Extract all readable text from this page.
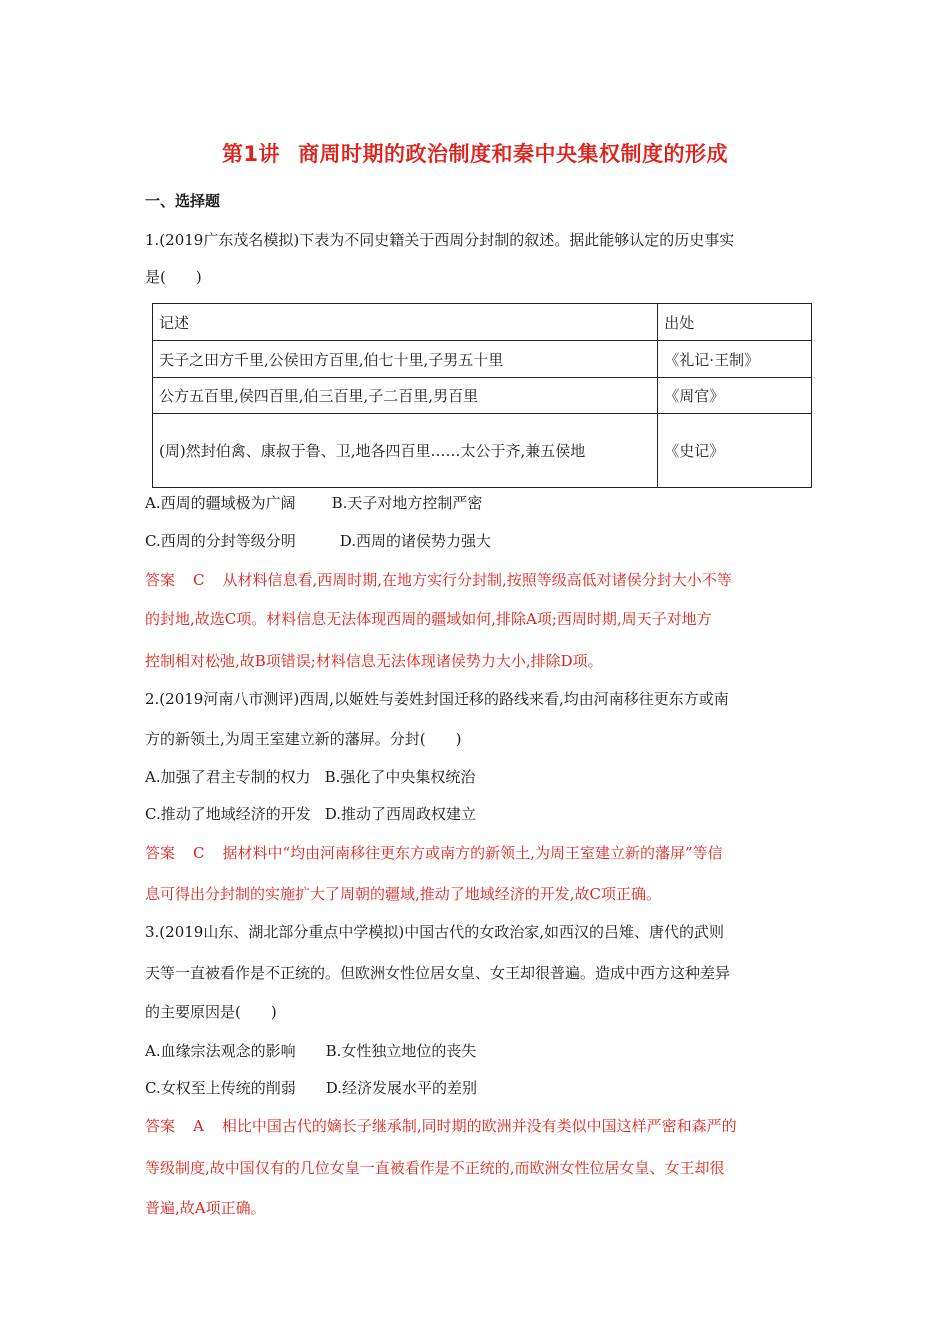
第1讲 商周时期的政治制度和秦中央集权制度的形成
一、选择题
1.(2019广东茂名模拟)下表为不同史籍关于西周分封制的叙述。据此能够认定的历史事实
是(　　)
记述	出处
天子之田方千里,公侯田方百里,伯七十里,子男五十里	《礼记·王制》
公方五百里,侯四百里,伯三百里,子二百里,男百里	《周官》
(周)然封伯禽、康叔于鲁、卫,地各四百里……太公于齐,兼五侯地	《史记》
A.西周的疆域极为广阔 B.天子对地方控制严密
C.西周的分封等级分明	D.西周的诸侯势力强大
答案 C 从材料信息看,西周时期,在地方实行分封制,按照等级高低对诸侯分封大小不等
的封地,故选C项。材料信息无法体现西周的疆域如何,排除A项;西周时期,周天子对地方
控制相对松弛,故B项错误;材料信息无法体现诸侯势力大小,排除D项。
2.(2019河南八市测评)西周,以姬姓与姜姓封国迁移的路线来看,均由河南移往更东方或南
方的新领土,为周王室建立新的藩屏。分封(　　)
A.加强了君主专制的权力 B.强化了中央集权统治
C.推动了地域经济的开发 D.推动了西周政权建立
答案 C 据材料中“均由河南移往更东方或南方的新领土,为周王室建立新的藩屏”等信
息可得出分封制的实施扩大了周朝的疆域,推动了地域经济的开发,故C项正确。
3.(2019山东、湖北部分重点中学模拟)中国古代的女政治家,如西汉的吕雉、唐代的武则
天等一直被看作是不正统的。但欧洲女性位居女皇、女王却很普遍。造成中西方这种差异
的主要原因是(　　)
A.血缘宗法观念的影响 B.女性独立地位的丧失
C.女权至上传统的削弱 D.经济发展水平的差别
答案 A 相比中国古代的嫡长子继承制,同时期的欧洲并没有类似中国这样严密和森严的
等级制度,故中国仅有的几位女皇一直被看作是不正统的,而欧洲女性位居女皇、女王却很
普遍,故A项正确。
